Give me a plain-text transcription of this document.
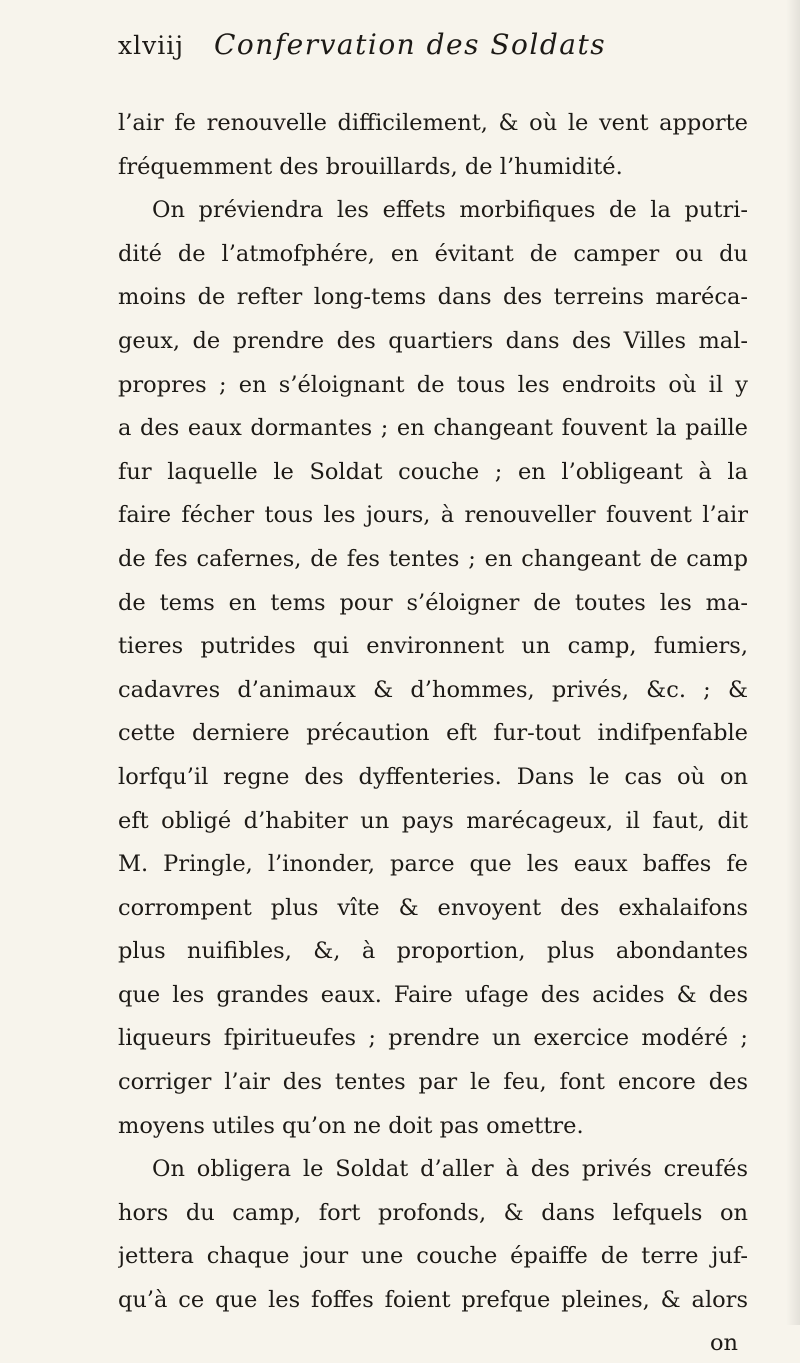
xlviij Confervation des Soldats
l’air fe renouvelle difficilement, & où le vent apporte
fréquemment des brouillards, de l’humidité.
On préviendra les effets morbifiques de la putri-
dité de l’atmofphére, en évitant de camper ou du
moins de refter long-tems dans des terreins maréca-
geux, de prendre des quartiers dans des Villes mal-
propres ; en s’éloignant de tous les endroits où il y
a des eaux dormantes ; en changeant fouvent la paille
fur laquelle le Soldat couche ; en l’obligeant à la
faire fécher tous les jours, à renouveller fouvent l’air
de fes cafernes, de fes tentes ; en changeant de camp
de tems en tems pour s’éloigner de toutes les ma-
tieres putrides qui environnent un camp, fumiers,
cadavres d’animaux & d’hommes, privés, &c. ; &
cette derniere précaution eft fur-tout indifpenfable
lorfqu’il regne des dyffenteries. Dans le cas où on
eft obligé d’habiter un pays marécageux, il faut, dit
M. Pringle, l’inonder, parce que les eaux baffes fe
corrompent plus vîte & envoyent des exhalaifons
plus nuifibles, &, à proportion, plus abondantes
que les grandes eaux. Faire ufage des acides & des
liqueurs fpiritueufes ; prendre un exercice modéré ;
corriger l’air des tentes par le feu, font encore des
moyens utiles qu’on ne doit pas omettre.
On obligera le Soldat d’aller à des privés creufés
hors du camp, fort profonds, & dans lefquels on
jettera chaque jour une couche épaiffe de terre juf-
qu’à ce que les foffes foient prefque pleines, & alors
on
